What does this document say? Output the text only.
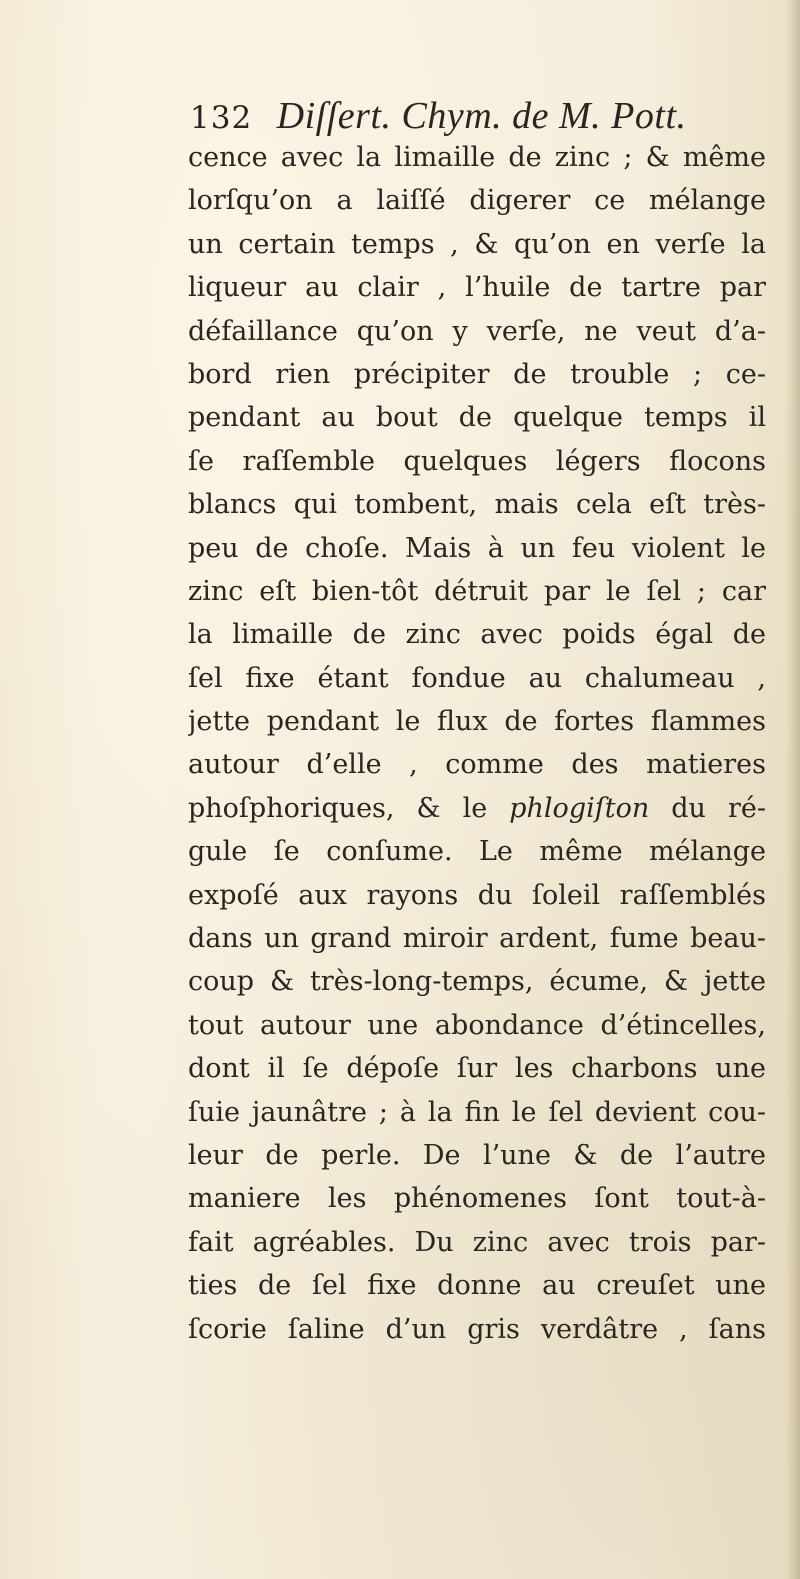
132 Diſſert. Chym. de M. Pott.
cence avec la limaille de zinc ; & même
lorſqu’on a laiſſé digerer ce mélange
un certain temps , & qu’on en verſe la
liqueur au clair , l’huile de tartre par
défaillance qu’on y verſe, ne veut d’a-
bord rien précipiter de trouble ; ce-
pendant au bout de quelque temps il
ſe raſſemble quelques légers flocons
blancs qui tombent, mais cela eſt très-
peu de choſe. Mais à un feu violent le
zinc eſt bien-tôt détruit par le ſel ; car
la limaille de zinc avec poids égal de
ſel fixe étant fondue au chalumeau ,
jette pendant le flux de fortes flammes
autour d’elle , comme des matieres
phoſphoriques, & le phlogiſton du ré-
gule ſe conſume. Le même mélange
expoſé aux rayons du ſoleil raſſemblés
dans un grand miroir ardent, fume beau-
coup & très-long-temps, écume, & jette
tout autour une abondance d’étincelles,
dont il ſe dépoſe ſur les charbons une
ſuie jaunâtre ; à la fin le ſel devient cou-
leur de perle. De l’une & de l’autre
maniere les phénomenes ſont tout-à-
fait agréables. Du zinc avec trois par-
ties de ſel fixe donne au creuſet une
ſcorie ſaline d’un gris verdâtre , ſans
